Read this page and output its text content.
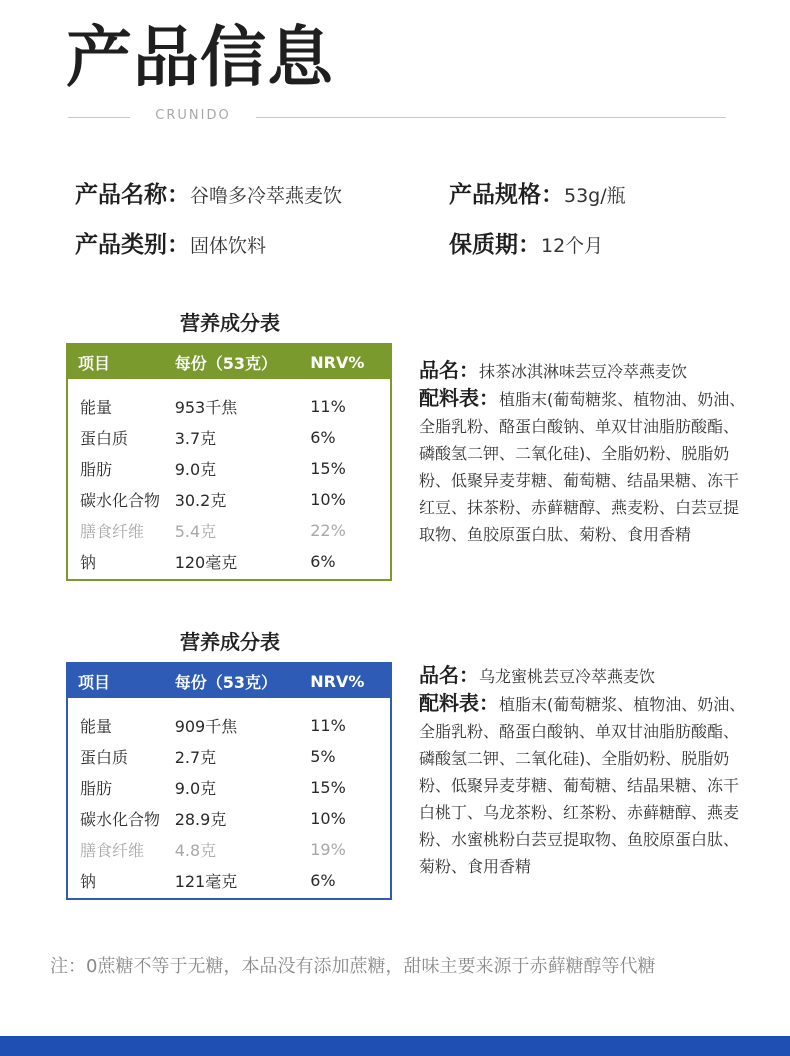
产品信息
CRUNIDO
产品名称：谷噜多冷萃燕麦饮	产品规格：53g/瓶
产品类别：固体饮料	保质期：12个月
营养成分表
项目	每份（53克）	NRV%
能量	953千焦	11%
蛋白质	3.7克	6%
脂肪	9.0克	15%
碳水化合物 30.2克	10%
膳食纤维	5.4克	22%
钠	120毫克	6%
品名：抹茶冰淇淋味芸豆冷萃燕麦饮
配料表：植脂末(葡萄糖浆、植物油、奶油、全脂乳粉、酪蛋白酸钠、单双甘油脂肪酸酯、磷酸氢二钾、二氧化硅)、全脂奶粉、脱脂奶粉、低聚异麦芽糖、葡萄糖、结晶果糖、冻干红豆、抹茶粉、赤藓糖醇、燕麦粉、白芸豆提取物、鱼胶原蛋白肽、菊粉、食用香精
营养成分表
项目	每份（53克）	NRV%
能量	909千焦	11%
蛋白质	2.7克	5%
脂肪	9.0克	15%
碳水化合物 28.9克	10%
膳食纤维	4.8克	19%
钠	121毫克	6%
品名：乌龙蜜桃芸豆冷萃燕麦饮
配料表：植脂末(葡萄糖浆、植物油、奶油、全脂乳粉、酪蛋白酸钠、单双甘油脂肪酸酯、磷酸氢二钾、二氧化硅)、全脂奶粉、脱脂奶粉、低聚异麦芽糖、葡萄糖、结晶果糖、冻干白桃丁、乌龙茶粉、红茶粉、赤藓糖醇、燕麦粉、水蜜桃粉白芸豆提取物、鱼胶原蛋白肽、菊粉、食用香精
注：0蔗糖不等于无糖，本品没有添加蔗糖，甜味主要来源于赤藓糖醇等代糖
